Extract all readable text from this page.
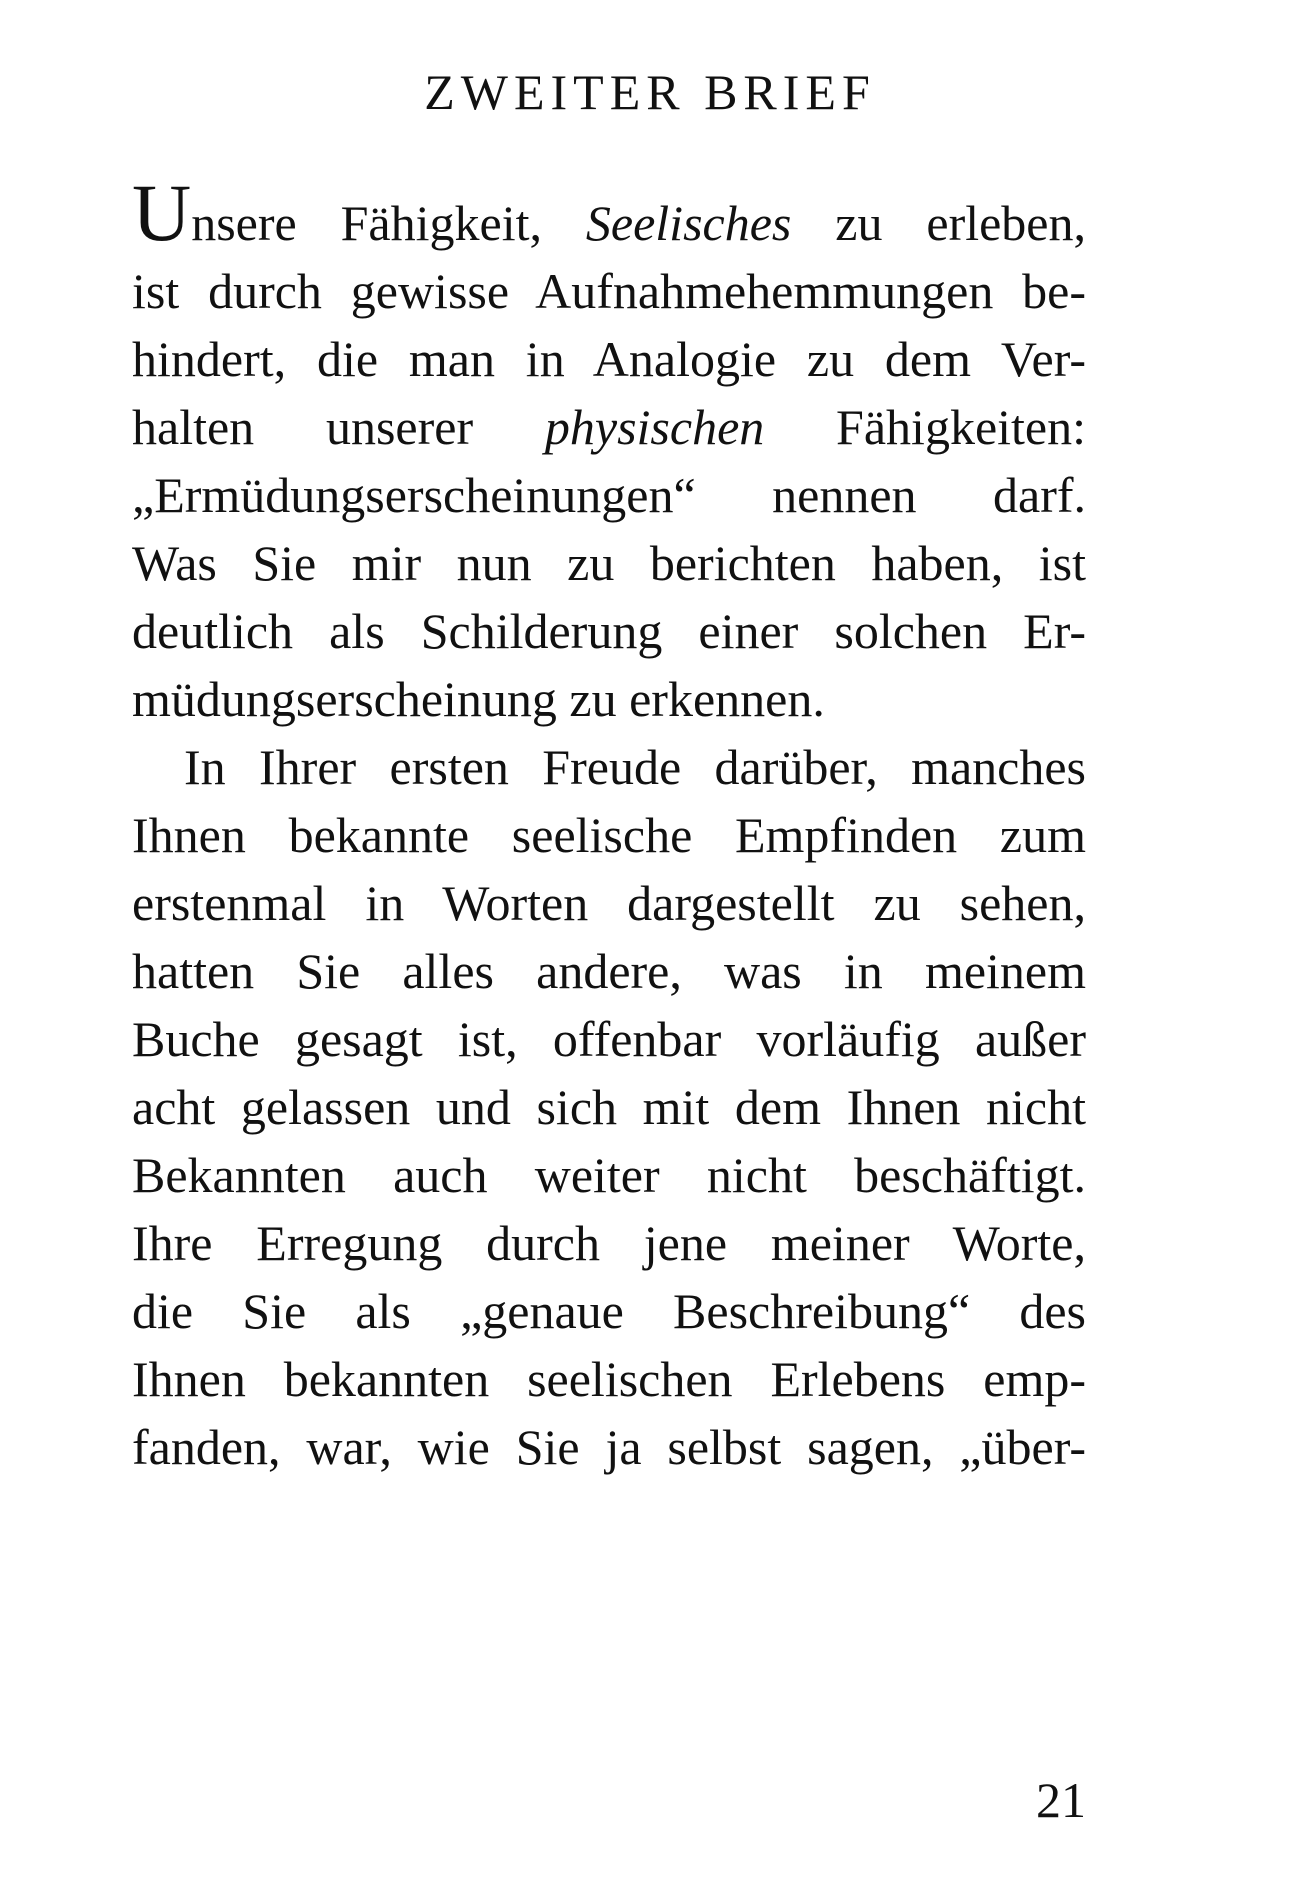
ZWEITER BRIEF
Unsere Fähigkeit, Seelisches zu erleben,
ist durch gewisse Aufnahmehemmungen be-
hindert, die man in Analogie zu dem Ver-
halten unserer physischen Fähigkeiten:
„Ermüdungserscheinungen“ nennen darf.
Was Sie mir nun zu berichten haben, ist
deutlich als Schilderung einer solchen Er-
müdungserscheinung zu erkennen.
In Ihrer ersten Freude darüber, manches
Ihnen bekannte seelische Empfinden zum
erstenmal in Worten dargestellt zu sehen,
hatten Sie alles andere, was in meinem
Buche gesagt ist, offenbar vorläufig außer
acht gelassen und sich mit dem Ihnen nicht
Bekannten auch weiter nicht beschäftigt.
Ihre Erregung durch jene meiner Worte,
die Sie als „genaue Beschreibung“ des
Ihnen bekannten seelischen Erlebens emp-
fanden, war, wie Sie ja selbst sagen, „über-
21
